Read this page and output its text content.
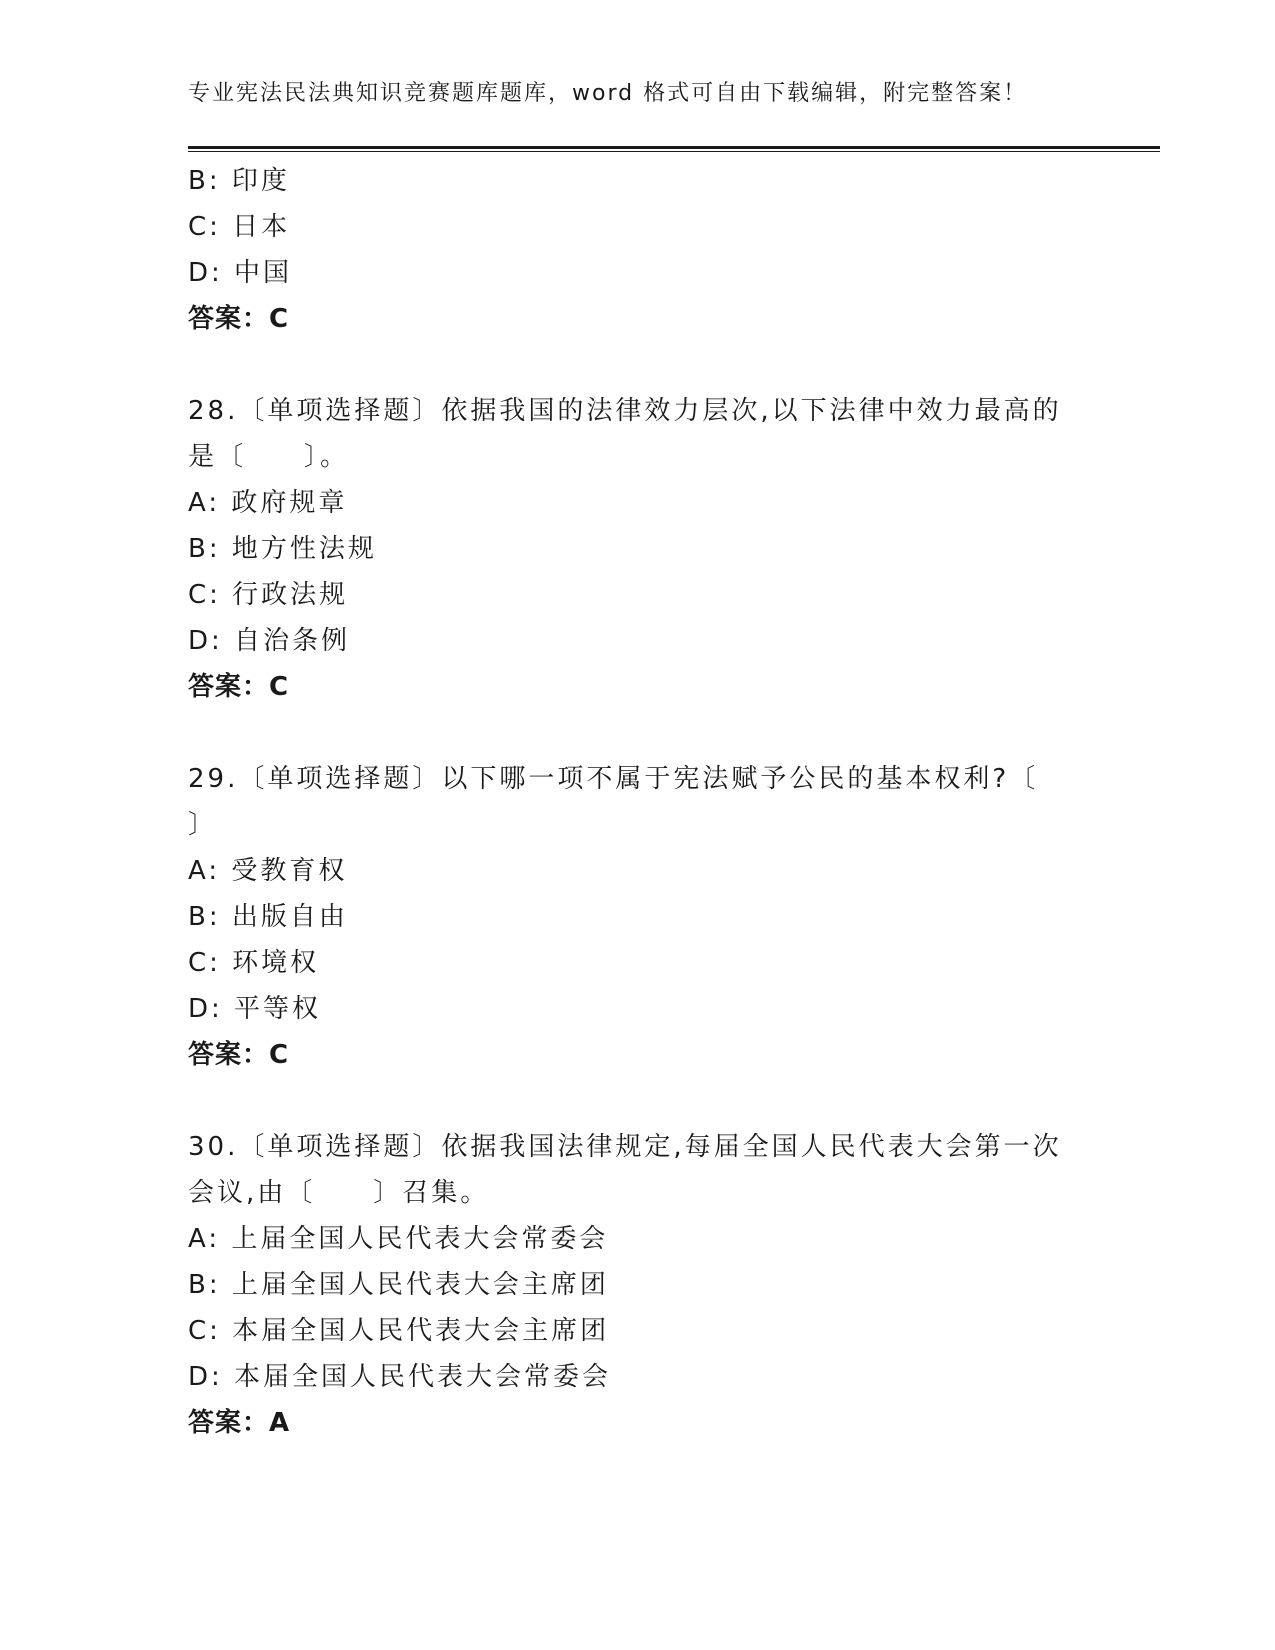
专业宪法民法典知识竞赛题库题库，word 格式可自由下载编辑，附完整答案！
B: 印度
C: 日本
D: 中国
答案：C
28.〔单项选择题〕依据我国的法律效力层次,以下法律中效力最高的
是〔　　〕。
A: 政府规章
B: 地方性法规
C: 行政法规
D: 自治条例
答案：C
29.〔单项选择题〕以下哪一项不属于宪法赋予公民的基本权利?〔
〕
A: 受教育权
B: 出版自由
C: 环境权
D: 平等权
答案：C
30.〔单项选择题〕依据我国法律规定,每届全国人民代表大会第一次
会议,由〔　　〕召集。
A: 上届全国人民代表大会常委会
B: 上届全国人民代表大会主席团
C: 本届全国人民代表大会主席团
D: 本届全国人民代表大会常委会
答案：A
